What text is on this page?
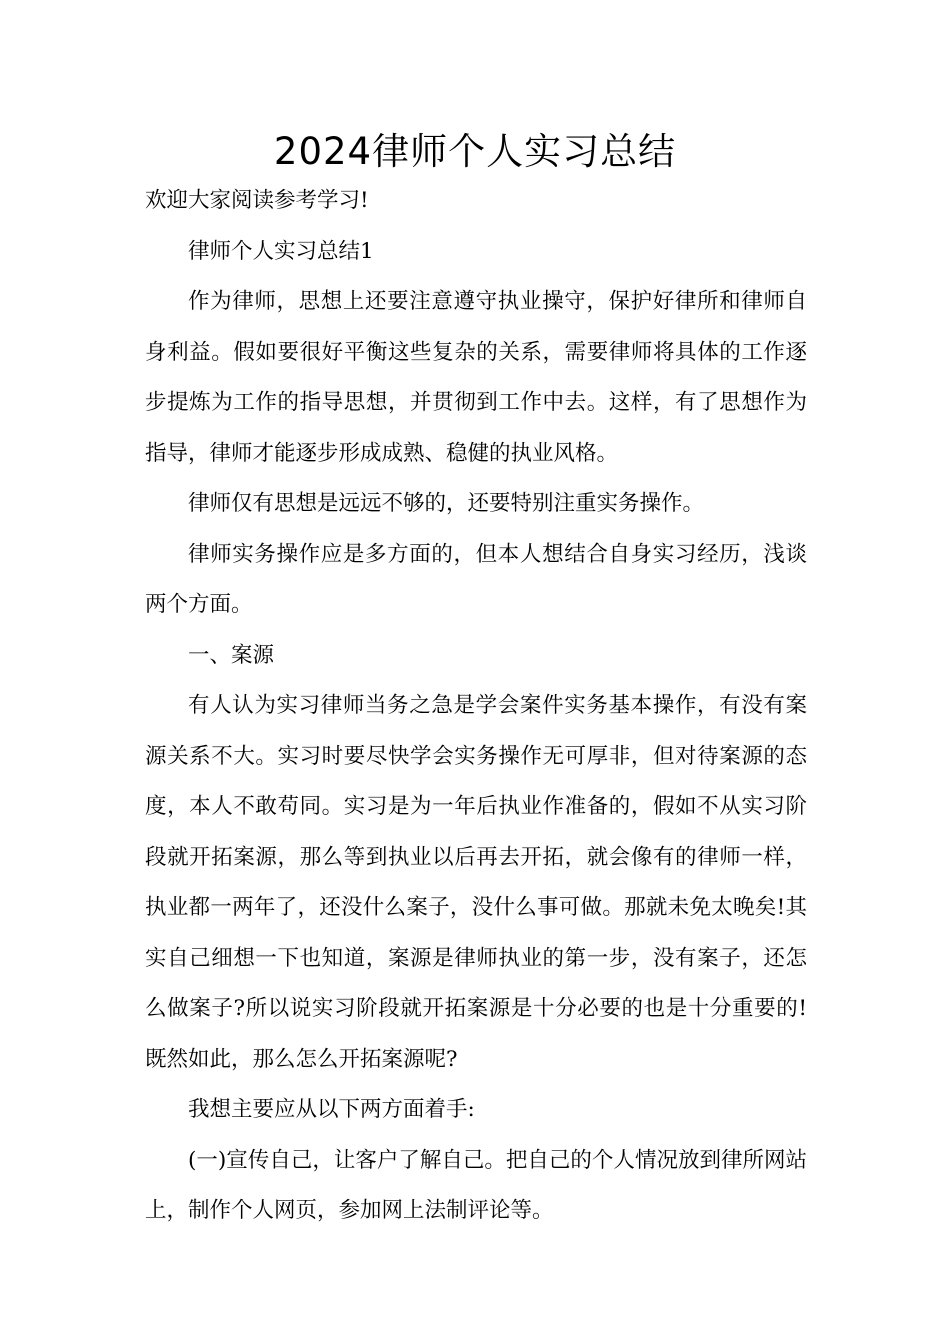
2024律师个人实习总结

欢迎大家阅读参考学习!

律师个人实习总结1

作为律师，思想上还要注意遵守执业操守，保护好律所和律师自身利益。假如要很好平衡这些复杂的关系，需要律师将具体的工作逐步提炼为工作的指导思想，并贯彻到工作中去。这样，有了思想作为指导，律师才能逐步形成成熟、稳健的执业风格。

律师仅有思想是远远不够的，还要特别注重实务操作。

律师实务操作应是多方面的，但本人想结合自身实习经历，浅谈两个方面。

一、案源

有人认为实习律师当务之急是学会案件实务基本操作，有没有案源关系不大。实习时要尽快学会实务操作无可厚非，但对待案源的态度，本人不敢苟同。实习是为一年后执业作准备的，假如不从实习阶段就开拓案源，那么等到执业以后再去开拓，就会像有的律师一样，执业都一两年了，还没什么案子，没什么事可做。那就未免太晚矣!其实自己细想一下也知道，案源是律师执业的第一步，没有案子，还怎么做案子?所以说实习阶段就开拓案源是十分必要的也是十分重要的!既然如此，那么怎么开拓案源呢?

我想主要应从以下两方面着手:

(一)宣传自己，让客户了解自己。把自己的个人情况放到律所网站上，制作个人网页，参加网上法制评论等。
